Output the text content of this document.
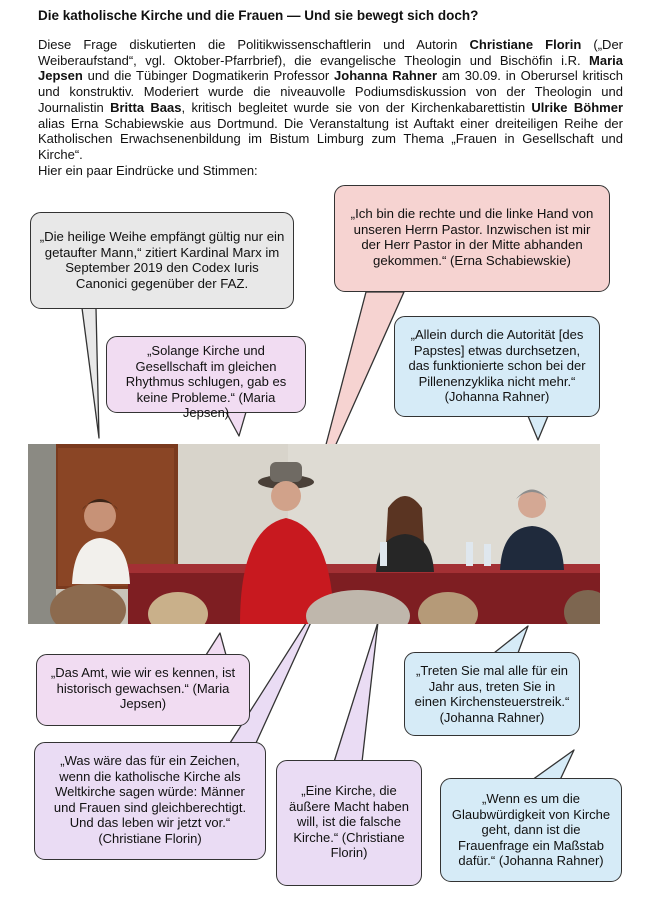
Die katholische Kirche und die Frauen — Und sie bewegt sich doch?
Diese Frage diskutierten die Politikwissenschaftlerin und Autorin Christiane Florin („Der Weiberaufstand“, vgl. Oktober-Pfarrbrief), die evangelische Theologin und Bischöfin i.R. Maria Jepsen und die Tübinger Dogmatikerin Professor Johanna Rahner am 30.09. in Oberursel kritisch und konstruktiv. Moderiert wurde die niveauvolle Podiumsdiskussion von der Theologin und Journalistin Britta Baas, kritisch begleitet wurde sie von der Kirchenkabarettistin Ulrike Böhmer alias Erna Schabiewskie aus Dortmund. Die Veranstaltung ist Auftakt einer dreiteiligen Reihe der Katholischen Erwachsenenbildung im Bistum Limburg zum Thema „Frauen in Gesellschaft und Kirche“.
Hier ein paar Eindrücke und Stimmen:
„Die heilige Weihe empfängt gültig nur ein getaufter Mann,“ zitiert Kardinal Marx im September 2019 den Codex Iuris Canonici gegenüber der FAZ.
„Ich bin die rechte und die linke Hand von unseren Herrn Pastor. Inzwischen ist mir der Herr Pastor in der Mitte abhanden gekommen.“ (Erna Schabiewskie)
„Solange Kirche und Gesellschaft im gleichen Rhythmus schlugen, gab es keine Probleme.“ (Maria Jepsen)
„Allein durch die Autorität [des Papstes] etwas durchsetzen, das funktionierte schon bei der Pillenenzyklika nicht mehr.“ (Johanna Rahner)
„Das Amt, wie wir es kennen, ist historisch gewachsen.“ (Maria Jepsen)
„Treten Sie mal alle für ein Jahr aus, treten Sie in einen Kirchensteuerstreik.“ (Johanna Rahner)
„Was wäre das für ein Zeichen, wenn die katholische Kirche als Weltkirche sagen würde: Männer und Frauen sind gleichberechtigt. Und das leben wir jetzt vor.“ (Christiane Florin)
„Eine Kirche, die äußere Macht haben will, ist die falsche Kirche.“ (Christiane Florin)
„Wenn es um die Glaubwürdigkeit von Kirche geht, dann ist die Frauenfrage ein Maßstab dafür.“ (Johanna Rahner)
